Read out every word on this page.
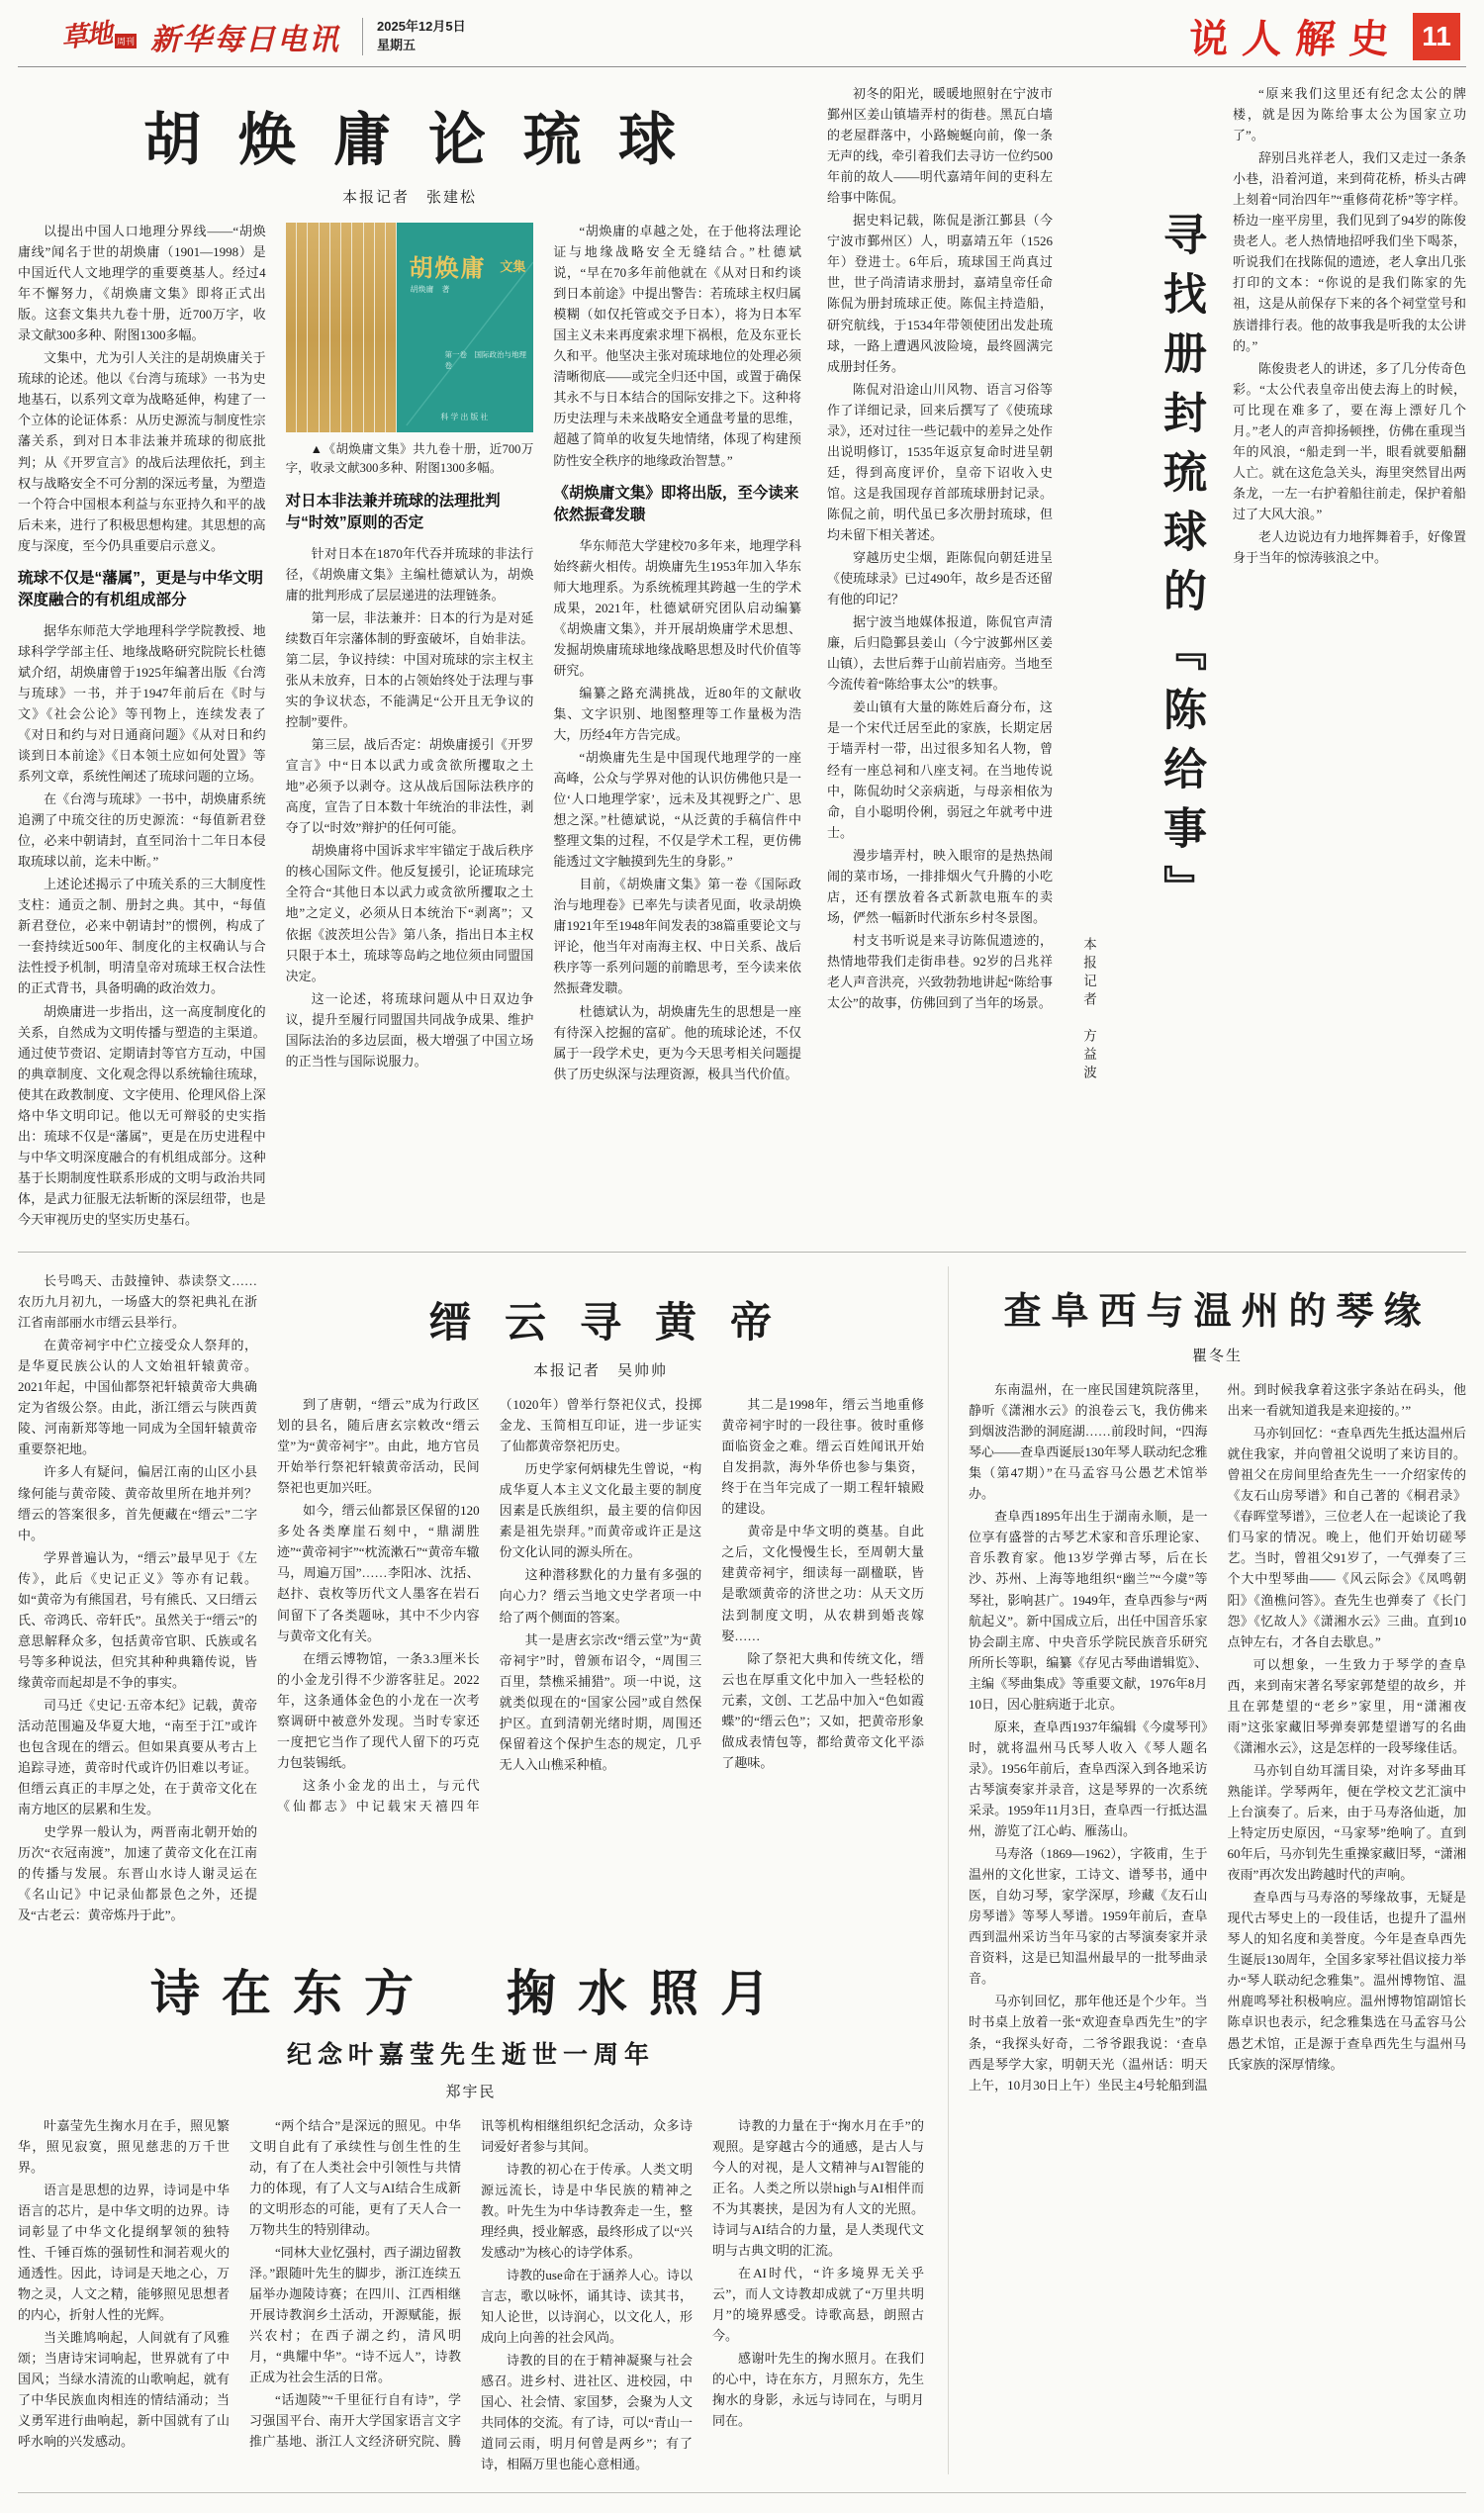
草地 周刊 新华每日电讯	2025年12月5日
星期五	说人解史 11
胡焕庸论琉球
本报记者　张建松

以提出中国人口地理分界线——“胡焕庸线”闻名于世的胡焕庸（1901—1998）是中国近代人文地理学的重要奠基人。经过4年不懈努力，《胡焕庸文集》即将正式出版。这套文集共九卷十册，近700万字，收录文献300多种、附图1300多幅。

文集中，尤为引人关注的是胡焕庸关于琉球的论述。他以《台湾与琉球》一书为史地基石，以系列文章为战略延伸，构建了一个立体的论证体系：从历史源流与制度性宗藩关系，到对日本非法兼并琉球的彻底批判；从《开罗宣言》的战后法理依托，到主权与战略安全不可分割的深远考量，为塑造一个符合中国根本利益与东亚持久和平的战后未来，进行了积极思想构建。其思想的高度与深度，至今仍具重要启示意义。

琉球不仅是“藩属”，更是与中华文明深度融合的有机组成部分

据华东师范大学地理科学学院教授、地球科学学部主任、地缘战略研究院院长杜德斌介绍，胡焕庸曾于1925年编著出版《台湾与琉球》一书，并于1947年前后在《时与文》《社会公论》等刊物上，连续发表了《对日和约与对日通商问题》《从对日和约谈到日本前途》《日本领土应如何处置》等系列文章，系统性阐述了琉球问题的立场。

在《台湾与琉球》一书中，胡焕庸系统追溯了中琉交往的历史源流：“每值新君登位，必来中朝请封，直至同治十二年日本侵取琉球以前，迄未中断。”

上述论述揭示了中琉关系的三大制度性支柱：通贡之制、册封之典。其中，“每值新君登位，必来中朝请封”的惯例，构成了一套持续近500年、制度化的主权确认与合法性授予机制，明清皇帝对琉球王权合法性的正式背书，具备明确的政治效力。

胡焕庸进一步指出，这一高度制度化的关系，自然成为文明传播与塑造的主渠道。通过使节赍诏、定期请封等官方互动，中国的典章制度、文化观念得以系统输往琉球，使其在政教制度、文字使用、伦理风俗上深烙中华文明印记。他以无可辩驳的史实指出：琉球不仅是“藩属”，更是在历史进程中与中华文明深度融合的有机组成部分。这种基于长期制度性联系形成的文明与政治共同体，是武力征服无法斩断的深层纽带，也是今天审视历史的坚实历史基石。

胡焕庸 文集
胡焕庸　著
第一卷　国际政治与地理卷
科学出版社
▲《胡焕庸文集》共九卷十册，近700万字，收录文献300多种、附图1300多幅。
对日本非法兼并琉球的法理批判与“时效”原则的否定

针对日本在1870年代吞并琉球的非法行径，《胡焕庸文集》主编杜德斌认为，胡焕庸的批判形成了层层递进的法理链条。

第一层，非法兼并：日本的行为是对延续数百年宗藩体制的野蛮破坏，自始非法。第二层，争议持续：中国对琉球的宗主权主张从未放弃，日本的占领始终处于法理与事实的争议状态，不能满足“公开且无争议的控制”要件。

第三层，战后否定：胡焕庸援引《开罗宣言》中“日本以武力或贪欲所攫取之土地”必须予以剥夺。这从战后国际法秩序的高度，宣告了日本数十年统治的非法性，剥夺了以“时效”辩护的任何可能。

胡焕庸将中国诉求牢牢锚定于战后秩序的核心国际文件。他反复援引，论证琉球完全符合“其他日本以武力或贪欲所攫取之土地”之定义，必须从日本统治下“剥离”；又依据《波茨坦公告》第八条，指出日本主权只限于本土，琉球等岛屿之地位须由同盟国决定。

这一论述，将琉球问题从中日双边争议，提升至履行同盟国共同战争成果、维护国际法治的多边层面，极大增强了中国立场的正当性与国际说服力。

“胡焕庸的卓越之处，在于他将法理论证与地缘战略安全无缝结合。”杜德斌说，“早在70多年前他就在《从对日和约谈到日本前途》中提出警告：若琉球主权归属模糊（如仅托管或交予日本），将为日本军国主义未来再度索求埋下祸根，危及东亚长久和平。他坚决主张对琉球地位的处理必须清晰彻底——或完全归还中国，或置于确保其永不与日本结合的国际安排之下。这种将历史法理与未来战略安全通盘考量的思维，超越了简单的收复失地情绪，体现了构建预防性安全秩序的地缘政治智慧。”

《胡焕庸文集》即将出版，至今读来依然振聋发聩

华东师范大学建校70多年来，地理学科始终薪火相传。胡焕庸先生1953年加入华东师大地理系。为系统梳理其跨越一生的学术成果，2021年，杜德斌研究团队启动编纂《胡焕庸文集》，并开展胡焕庸学术思想、发掘胡焕庸琉球地缘战略思想及时代价值等研究。

编纂之路充满挑战，近80年的文献收集、文字识别、地图整理等工作量极为浩大，历经4年方告完成。

“胡焕庸先生是中国现代地理学的一座高峰，公众与学界对他的认识仿佛他只是一位‘人口地理学家’，远未及其视野之广、思想之深。”杜德斌说，“从泛黄的手稿信件中整理文集的过程，不仅是学术工程，更仿佛能透过文字触摸到先生的身影。”

目前，《胡焕庸文集》第一卷《国际政治与地理卷》已率先与读者见面，收录胡焕庸1921年至1948年间发表的38篇重要论文与评论，他当年对南海主权、中日关系、战后秩序等一系列问题的前瞻思考，至今读来依然振聋发聩。

杜德斌认为，胡焕庸先生的思想是一座有待深入挖掘的富矿。他的琉球论述，不仅属于一段学术史，更为今天思考相关问题提供了历史纵深与法理资源，极具当代价值。

初冬的阳光，暖暖地照射在宁波市鄞州区姜山镇墙弄村的街巷。黑瓦白墙的老屋群落中，小路蜿蜒向前，像一条无声的线，牵引着我们去寻访一位约500年前的故人——明代嘉靖年间的吏科左给事中陈侃。

据史料记载，陈侃是浙江鄞县（今宁波市鄞州区）人，明嘉靖五年（1526年）登进士。6年后，琉球国王尚真过世，世子尚清请求册封，嘉靖皇帝任命陈侃为册封琉球正使。陈侃主持造船，研究航线，于1534年带领使团出发赴琉球，一路上遭遇风波险境，最终圆满完成册封任务。

陈侃对沿途山川风物、语言习俗等作了详细记录，回来后撰写了《使琉球录》，还对过往一些记载中的差异之处作出说明修订，1535年返京复命时进呈朝廷，得到高度评价，皇帝下诏收入史馆。这是我国现存首部琉球册封记录。陈侃之前，明代虽已多次册封琉球，但均未留下相关著述。

穿越历史尘烟，距陈侃向朝廷进呈《使琉球录》已过490年，故乡是否还留有他的印记？

据宁波当地媒体报道，陈侃官声清廉，后归隐鄞县姜山（今宁波鄞州区姜山镇），去世后葬于山前岩庙旁。当地至今流传着“陈给事太公”的轶事。

姜山镇有大量的陈姓后裔分布，这是一个宋代迁居至此的家族，长期定居于墙弄村一带，出过很多知名人物，曾经有一座总祠和八座支祠。在当地传说中，陈侃幼时父亲病逝，与母亲相依为命，自小聪明伶俐，弱冠之年就考中进士。

漫步墙弄村，映入眼帘的是热热闹闹的菜市场，一排排烟火气升腾的小吃店，还有摆放着各式新款电瓶车的卖场，俨然一幅新时代浙东乡村冬景图。

村支书听说是来寻访陈侃遗迹的，热情地带我们走街串巷。92岁的吕兆祥老人声音洪亮，兴致勃勃地讲起“陈给事太公”的故事，仿佛回到了当年的场景。

寻找册封琉球的『陈给事』
本报记者　方益波

“原来我们这里还有纪念太公的牌楼，就是因为陈给事太公为国家立功了”。

辞别吕兆祥老人，我们又走过一条条小巷，沿着河道，来到荷花桥，桥头古碑上刻着“同治四年”“重修荷花桥”等字样。桥边一座平房里，我们见到了94岁的陈俊贵老人。老人热情地招呼我们坐下喝茶，听说我们在找陈侃的遗迹，老人拿出几张打印的文本：“你说的是我们陈家的先祖，这是从前保存下来的各个祠堂堂号和族谱排行表。他的故事我是听我的太公讲的。”

陈俊贵老人的讲述，多了几分传奇色彩。“太公代表皇帝出使去海上的时候，可比现在难多了，要在海上漂好几个月。”老人的声音抑扬顿挫，仿佛在重现当年的风浪，“船走到一半，眼看就要船翻人亡。就在这危急关头，海里突然冒出两条龙，一左一右护着船往前走，保护着船过了大风大浪。”

老人边说边有力地挥舞着手，好像置身于当年的惊涛骇浪之中。

长号鸣天、击鼓撞钟、恭读祭文……农历九月初九，一场盛大的祭祀典礼在浙江省南部丽水市缙云县举行。

在黄帝祠宇中伫立接受众人祭拜的，是华夏民族公认的人文始祖轩辕黄帝。2021年起，中国仙都祭祀轩辕黄帝大典确定为省级公祭。由此，浙江缙云与陕西黄陵、河南新郑等地一同成为全国轩辕黄帝重要祭祀地。

许多人有疑问，偏居江南的山区小县缘何能与黄帝陵、黄帝故里所在地并列？缙云的答案很多，首先便藏在“缙云”二字中。

学界普遍认为，“缙云”最早见于《左传》，此后《史记正义》等亦有记载。如“黄帝为有熊国君，号有熊氏、又曰缙云氏、帝鸿氏、帝轩氏”。虽然关于“缙云”的意思解释众多，包括黄帝官职、氏族或名号等多种说法，但究其种种典籍传说，皆缘黄帝而起却是不争的事实。

司马迁《史记·五帝本纪》记载，黄帝活动范围遍及华夏大地，“南至于江”或许也包含现在的缙云。但如果真要从考古上追踪寻迹，黄帝时代或许仍旧难以考证。但缙云真正的丰厚之处，在于黄帝文化在南方地区的层累和生发。

史学界一般认为，两晋南北朝开始的历次“衣冠南渡”，加速了黄帝文化在江南的传播与发展。东晋山水诗人谢灵运在《名山记》中记录仙都景色之外，还提及“古老云：黄帝炼丹于此”。

缙云寻黄帝
本报记者　吴帅帅

到了唐朝，“缙云”成为行政区划的县名，随后唐玄宗敕改“缙云堂”为“黄帝祠宇”。由此，地方官员开始举行祭祀轩辕黄帝活动，民间祭祀也更加兴旺。

如今，缙云仙都景区保留的120多处各类摩崖石刻中，“鼎湖胜迹”“黄帝祠宇”“枕流漱石”“黄帝车辙马，周遍万国”……李阳冰、沈括、赵抃、袁枚等历代文人墨客在岩石间留下了各类题咏，其中不少内容与黄帝文化有关。

在缙云博物馆，一条3.3厘米长的小金龙引得不少游客驻足。2022年，这条通体金色的小龙在一次考察调研中被意外发现。当时专家还一度把它当作了现代人留下的巧克力包装锡纸。

这条小金龙的出土，与元代《仙都志》中记载宋天禧四年（1020年）曾举行祭祀仪式，投掷金龙、玉简相互印证，进一步证实了仙都黄帝祭祀历史。

历史学家何炳棣先生曾说，“构成华夏人本主义文化最主要的制度因素是氏族组织，最主要的信仰因素是祖先崇拜。”而黄帝或许正是这份文化认同的源头所在。

这种潜移默化的力量有多强的向心力？缙云当地文史学者项一中给了两个侧面的答案。

其一是唐玄宗改“缙云堂”为“黄帝祠宇”时，曾颁布诏令，“周围三百里，禁樵采捕猎”。项一中说，这就类似现在的“国家公园”或自然保护区。直到清朝光绪时期，周围还保留着这个保护生态的规定，几乎无人入山樵采种植。

其二是1998年，缙云当地重修黄帝祠宇时的一段往事。彼时重修面临资金之难。缙云百姓闻讯开始自发捐款，海外华侨也参与集资，终于在当年完成了一期工程轩辕殿的建设。

黄帝是中华文明的奠基。自此之后，文化慢慢生长，至周朝大量建黄帝祠宇，细读每一副楹联，皆是歌颂黄帝的济世之功：从天文历法到制度文明，从农耕到婚丧嫁娶……

除了祭祀大典和传统文化，缙云也在厚重文化中加入一些轻松的元素，文创、工艺品中加入“色如霞蝶”的“缙云色”；又如，把黄帝形象做成表情包等，都给黄帝文化平添了趣味。

诗在东方　掬水照月
纪念叶嘉莹先生逝世一周年
郑宇民

叶嘉莹先生掬水月在手，照见繁华，照见寂寞，照见慈悲的万千世界。

语言是思想的边界，诗词是中华语言的芯片，是中华文明的边界。诗词彰显了中华文化提纲挈领的独特性、千锤百炼的强韧性和洞若观火的通透性。因此，诗词是天地之心，万物之灵，人文之精，能够照见思想者的内心，折射人性的光辉。

当关雎鸠响起，人间就有了风雅颂；当唐诗宋词响起，世界就有了中国风；当绿水清流的山歌响起，就有了中华民族血肉相连的情结涌动；当义勇军进行曲响起，新中国就有了山呼水响的兴发感动。

“两个结合”是深远的照见。中华文明自此有了承续性与创生性的生动，有了在人类社会中引领性与共情力的体现，有了人文与AI结合生成新的文明形态的可能，更有了天人合一万物共生的特别律动。

“同林大业忆强村，西子湖边留教泽。”跟随叶先生的脚步，浙江连续五届举办迦陵诗赛；在四川、江西相继开展诗教润乡土活动，开源赋能，振兴农村；在西子湖之约，清风明月，“典耀中华”。“诗不远人”，诗教正成为社会生活的日常。

“话迦陵”“千里征行自有诗”，学习强国平台、南开大学国家语言文字推广基地、浙江人文经济研究院、腾讯等机构相继组织纪念活动，众多诗词爱好者参与其间。

诗教的初心在于传承。人类文明源远流长，诗是中华民族的精神之教。叶先生为中华诗教奔走一生，整理经典，授业解惑，最终形成了以“兴发感动”为核心的诗学体系。

诗教的use命在于涵养人心。诗以言志，歌以咏怀，诵其诗、读其书，知人论世，以诗润心，以文化人，形成向上向善的社会风尚。

诗教的目的在于精神凝聚与社会感召。进乡村、进社区、进校园，中国心、社会情、家国梦，会聚为人文共同体的交流。有了诗，可以“青山一道同云雨，明月何曾是两乡”；有了诗，相隔万里也能心意相通。

诗教的力量在于“掬水月在手”的观照。是穿越古今的通感，是古人与今人的对视，是人文精神与AI智能的正名。人类之所以崇high与AI相伴而不为其裹挟，是因为有人文的光照。诗词与AI结合的力量，是人类现代文明与古典文明的汇流。

在AI时代，“许多境界无关乎云”，而人文诗教却成就了“万里共明月”的境界感受。诗歌高悬，朗照古今。

感谢叶先生的掬水照月。在我们的心中，诗在东方，月照东方，先生掬水的身影，永远与诗同在，与明月同在。

查阜西与温州的琴缘
瞿冬生

东南温州，在一座民国建筑院落里，静听《潇湘水云》的浪卷云飞，我仿佛来到烟波浩渺的洞庭湖……前段时间，“四海琴心——查阜西诞辰130年琴人联动纪念雅集（第47期）”在马孟容马公愚艺术馆举办。

查阜西1895年出生于湖南永顺，是一位享有盛誉的古琴艺术家和音乐理论家、音乐教育家。他13岁学弹古琴，后在长沙、苏州、上海等地组织“幽兰”“今虞”等琴社，影响甚广。1949年，查阜西参与“两航起义”。新中国成立后，出任中国音乐家协会副主席、中央音乐学院民族音乐研究所所长等职，编纂《存见古琴曲谱辑览》、主编《琴曲集成》等重要文献，1976年8月10日，因心脏病逝于北京。

原来，查阜西1937年编辑《今虞琴刊》时，就将温州马氏琴人收入《琴人题名录》。1956年前后，查阜西深入到各地采访古琴演奏家并录音，这是琴界的一次系统采录。1959年11月3日，查阜西一行抵达温州，游览了江心屿、雁荡山。

马寿洛（1869—1962），字筱甫，生于温州的文化世家，工诗文、谱琴书，通中医，自幼习琴，家学深厚，珍藏《友石山房琴谱》等琴人琴谱。1959年前后，查阜西到温州采访当年马家的古琴演奏家并录音资料，这是已知温州最早的一批琴曲录音。

马亦钊回忆，那年他还是个少年。当时书桌上放着一张“欢迎查阜西先生”的字条，“我探头好奇，二爷爷跟我说：‘查阜西是琴学大家，明朝天光（温州话：明天上午，10月30日上午）坐民主4号轮船到温州。到时候我拿着这张字条站在码头，他出来一看就知道我是来迎接的。’”

马亦钊回忆：“查阜西先生抵达温州后就住我家，并向曾祖父说明了来访目的。曾祖父在房间里给查先生一一介绍家传的《友石山房琴谱》和自己著的《桐君录》《春晖堂琴谱》，三位老人在一起谈论了我们马家的情况。晚上，他们开始切磋琴艺。当时，曾祖父91岁了，一气弹奏了三个大中型琴曲——《风云际会》《凤鸣朝阳》《渔樵问答》。查先生也弹奏了《长门怨》《忆故人》《潇湘水云》三曲。直到10点钟左右，才各自去歇息。”

可以想象，一生致力于琴学的查阜西，来到南宋著名琴家郭楚望的故乡，并且在郭楚望的“老乡”家里，用“潇湘夜雨”这张家藏旧琴弹奏郭楚望谱写的名曲《潇湘水云》，这是怎样的一段琴缘佳话。

马亦钊自幼耳濡目染，对许多琴曲耳熟能详。学琴两年，便在学校文艺汇演中上台演奏了。后来，由于马寿洛仙逝，加上特定历史原因，“马家琴”绝响了。直到60年后，马亦钊先生重操家藏旧琴，“潇湘夜雨”再次发出跨越时代的声响。

查阜西与马寿洛的琴缘故事，无疑是现代古琴史上的一段佳话，也提升了温州琴人的知名度和美誉度。今年是查阜西先生诞辰130周年，全国多家琴社倡议接力举办“琴人联动纪念雅集”。温州博物馆、温州鹿鸣琴社积极响应。温州博物馆副馆长陈卓识也表示，纪念雅集选在马孟容马公愚艺术馆，正是源于查阜西先生与温州马氏家族的深厚情缘。
